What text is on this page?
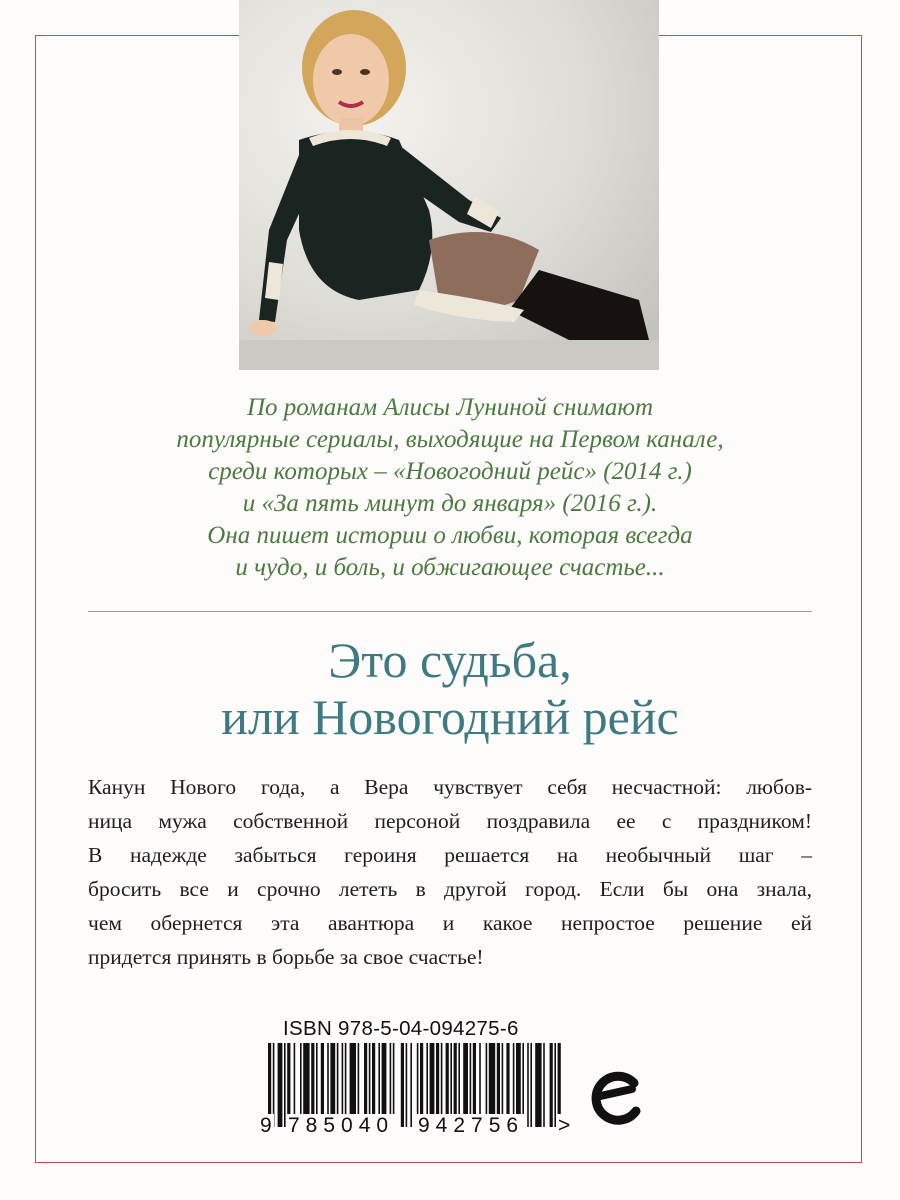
По романам Алисы Луниной снимают
популярные сериалы, выходящие на Первом канале,
среди которых – «Новогодний рейс» (2014 г.)
и «За пять минут до января» (2016 г.).
Она пишет истории о любви, которая всегда
и чудо, и боль, и обжигающее счастье...
Это судьба,
или Новогодний рейс
Канун Нового года, а Вера чувствует себя несчастной: любов-
ница мужа собственной персоной поздравила ее с праздником!
В надежде забыться героиня решается на необычный шаг –
бросить все и срочно лететь в другой город. Если бы она знала,
чем обернется эта авантюра и какое непростое решение ей
придется принять в борьбе за свое счастье!
ISBN 978-5-04-094275-6
9 785040 942756 >
